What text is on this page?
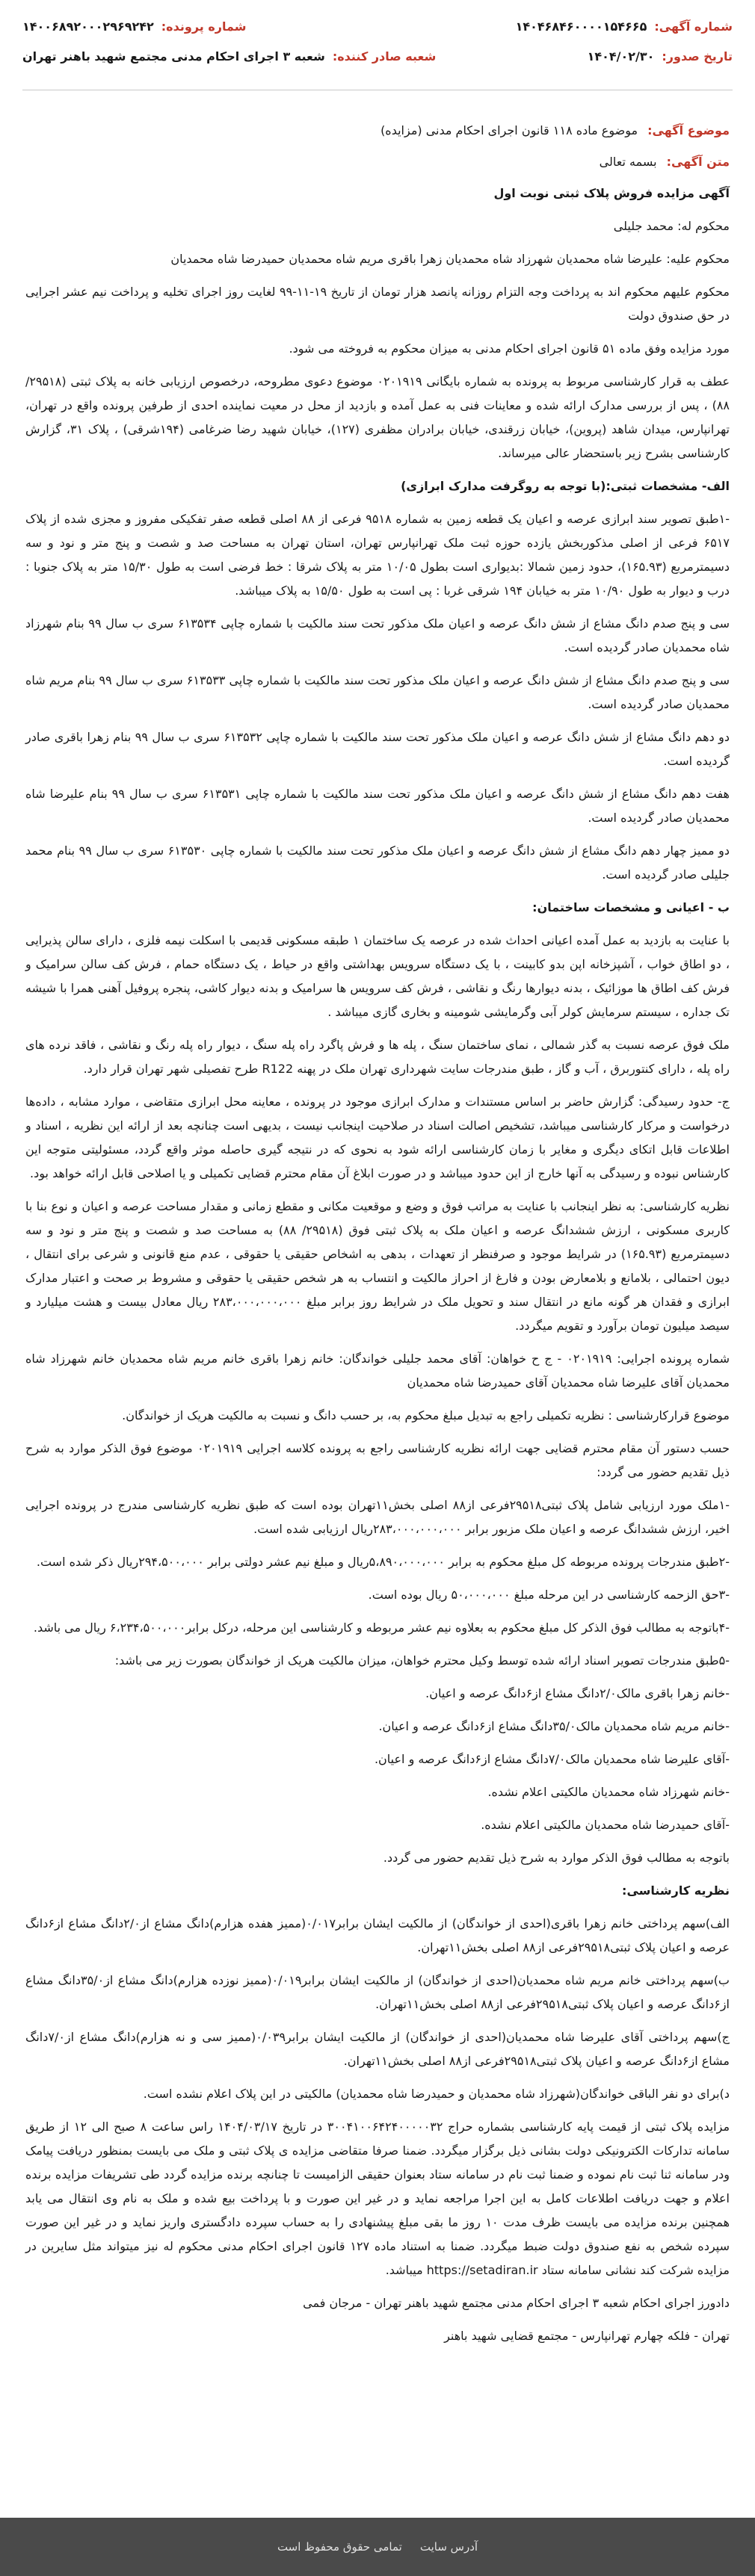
شماره آگهی:
۱۴۰۴۶۸۴۶۰۰۰۰۱۵۴۶۶۵
شماره پرونده:
۱۴۰۰۶۸۹۲۰۰۰۲۹۶۹۲۴۲
تاریخ صدور:
۱۴۰۴/۰۲/۳۰
شعبه صادر کننده:
شعبه ۳ اجرای احکام مدنی مجتمع شهید باهنر تهران
موضوع آگهی: موضوع ماده ۱۱۸ قانون اجرای احکام مدنی (مزایده)
متن آگهی: بسمه تعالی

آگهی مزایده فروش پلاک ثبتی نوبت اول

محکوم له: محمد جلیلی

محکوم علیه: علیرضا شاه محمدیان شهرزاد شاه محمدیان زهرا باقری مریم شاه محمدیان حمیدرضا شاه محمدیان

محکوم علیهم محکوم اند به پرداخت وجه التزام روزانه پانصد هزار تومان از تاریخ ۱۹-۱۱-۹۹ لغایت روز اجرای تخلیه و پرداخت نیم عشر اجرایی در حق صندوق دولت

مورد مزایده وفق ماده ۵۱ قانون اجرای احکام مدنی به میزان محکوم به فروخته می شود.

عطف به قرار کارشناسی مربوط به پرونده به شماره بایگانی ۰۲۰۱۹۱۹ موضوع دعوی مطروحه، درخصوص ارزیابی خانه به پلاک ثبتی (۲۹۵۱۸/ ۸۸) ، پس از بررسی مدارک ارائه شده و معاینات فنی به عمل آمده و بازدید از محل در معیت نماینده احدی از طرفین پرونده واقع در تهران، تهرانپارس، میدان شاهد (پروین)، خیابان زرقندی، خیابان برادران مظفری (۱۲۷)، خیابان شهید رضا ضرغامی (۱۹۴شرقی) ، پلاک ۳۱، گزارش کارشناسی بشرح زیر باستحضار عالی میرساند.

الف- مشخصات ثبتی:(با توجه به روگرفت مدارک ابرازی)

-۱طبق تصویر سند ابرازی عرصه و اعیان یک قطعه زمین به شماره ۹۵۱۸ فرعی از ۸۸ اصلی قطعه صفر تفکیکی مفروز و مجزی شده از پلاک ۶۵۱۷ فرعی از اصلی مذکوربخش یازده حوزه ثبت ملک تهرانپارس تهران، استان تهران به مساحت صد و شصت و پنج متر و نود و سه دسیمترمربع (۱۶۵.۹۳)، حدود زمین شمالا :بدیواری است بطول ۱۰/۰۵ متر به پلاک شرقا : خط فرضی است به طول ۱۵/۳۰ متر به پلاک جنوبا : درب و دیوار به طول ۱۰/۹۰ متر به خیابان ۱۹۴ شرقی غربا : پی است به طول ۱۵/۵۰ به پلاک میباشد.

سی و پنج صدم دانگ مشاع از شش دانگ عرصه و اعیان ملک مذکور تحت سند مالکیت با شماره چاپی ۶۱۳۵۳۴ سری ب سال ۹۹ بنام شهرزاد شاه محمدیان صادر گردیده است.

سی و پنج صدم دانگ مشاع از شش دانگ عرصه و اعیان ملک مذکور تحت سند مالکیت با شماره چاپی ۶۱۳۵۳۳ سری ب سال ۹۹ بنام مریم شاه محمدیان صادر گردیده است.

دو دهم دانگ مشاع از شش دانگ عرصه و اعیان ملک مذکور تحت سند مالکیت با شماره چاپی ۶۱۳۵۳۲ سری ب سال ۹۹ بنام زهرا باقری صادر گردیده است.

هفت دهم دانگ مشاع از شش دانگ عرصه و اعیان ملک مذکور تحت سند مالکیت با شماره چاپی ۶۱۳۵۳۱ سری ب سال ۹۹ بنام علیرضا شاه محمدیان صادر گردیده است.

دو ممیز چهار دهم دانگ مشاع از شش دانگ عرصه و اعیان ملک مذکور تحت سند مالکیت با شماره چاپی ۶۱۳۵۳۰ سری ب سال ۹۹ بنام محمد جلیلی صادر گردیده است.

ب - اعیانی و مشخصات ساختمان:

با عنایت به بازدید به عمل آمده اعیانی احداث شده در عرصه یک ساختمان ۱ طبقه مسکونی قدیمی با اسکلت نیمه فلزی ، دارای سالن پذیرایی ، دو اطاق خواب ، آشپزخانه اپن بدو کابینت ، با یک دستگاه سرویس بهداشتی واقع در حیاط ، یک دستگاه حمام ، فرش کف سالن سرامیک و فرش کف اطاق ها موزائیک ، بدنه دیوارها رنگ و نقاشی ، فرش کف سرویس ها سرامیک و بدنه دیوار کاشی، پنجره پروفیل آهنی همرا با شیشه تک جداره ، سیستم سرمایش کولر آبی وگرمایشی شومینه و بخاری گازی میباشد .

ملک فوق عرصه نسبت به گذر شمالی ، نمای ساختمان سنگ ، پله ها و فرش پاگرد راه پله سنگ ، دیوار راه پله رنگ و نقاشی ، فاقد نرده های راه پله ، دارای کنتوربرق ، آب و گاز ، طبق مندرجات سایت شهرداری تهران ملک در پهنه R122 طرح تفصیلی شهر تهران قرار دارد.

ج- حدود رسیدگی: گزارش حاضر بر اساس مستندات و مدارک ابرازی موجود در پرونده ، معاینه محل ابرازی متقاضی ، موارد مشابه ، داده‌ها درخواست و مرکار کارشناسی میباشد، تشخیص اصالت اسناد در صلاحیت اینجانب نیست ، بدیهی است چنانچه بعد از ارائه این نظریه ، اسناد و اطلاعات قابل اتکای دیگری و مغایر با زمان کارشناسی ارائه شود به نحوی که در نتیجه گیری حاصله موثر واقع گردد، مسئولیتی متوجه این کارشناس نبوده و رسیدگی به آنها خارج از این حدود میباشد و در صورت ابلاغ آن مقام محترم قضایی تکمیلی و یا اصلاحی قابل ارائه خواهد بود.

نظریه کارشناسی: به نظر اینجانب با عنایت به مراتب فوق و وضع و موقعیت مکانی و مقطع زمانی و مقدار مساحت عرصه و اعیان و نوع بنا با کاربری مسکونی ، ارزش ششدانگ عرصه و اعیان ملک به پلاک ثبتی فوق (۲۹۵۱۸/ ۸۸) به مساحت صد و شصت و پنج متر و نود و سه دسیمترمربع (۱۶۵.۹۳) در شرایط موجود و صرفنظر از تعهدات ، بدهی به اشخاص حقیقی یا حقوقی ، عدم منع قانونی و شرعی برای انتقال ، دیون احتمالی ، بلامانع و بلامعارض بودن و فارغ از احراز مالکیت و انتساب به هر شخص حقیقی یا حقوقی و مشروط بر صحت و اعتبار مدارک ابرازی و فقدان هر گونه مانع در انتقال سند و تحویل ملک در شرایط روز برابر مبلغ ۲۸۳،۰۰۰،۰۰۰،۰۰۰ ریال معادل بیست و هشت میلیارد و سیصد میلیون تومان برآورد و تقویم میگردد.

شماره پرونده اجرایی: ۰۲۰۱۹۱۹ - ج ح خواهان: آقای محمد جلیلی خواندگان: خانم زهرا باقری خانم مریم شاه محمدیان خانم شهرزاد شاه محمدیان آقای علیرضا شاه محمدیان آقای حمیدرضا شاه محمدیان

موضوع قرارکارشناسی : نظریه تکمیلی راجع به تبدیل مبلغ محکوم به، بر حسب دانگ و نسبت به مالکیت هریک از خواندگان.

حسب دستور آن مقام محترم قضایی جهت ارائه نظریه کارشناسی راجع به پرونده کلاسه اجرایی ۰۲۰۱۹۱۹ موضوع فوق الذکر موارد به شرح ذیل تقدیم حضور می گردد:

-۱ملک مورد ارزیابی شامل پلاک ثبتی۲۹۵۱۸فرعی از۸۸ اصلی بخش۱۱تهران بوده است که طبق نظریه کارشناسی مندرج در پرونده اجرایی اخیر، ارزش ششدانگ عرصه و اعیان ملک مزبور برابر ۲۸۳،۰۰۰،۰۰۰،۰۰۰ریال ارزیابی شده است.

-۲طبق مندرجات پرونده مربوطه کل مبلغ محکوم به برابر ۵،۸۹۰،۰۰۰،۰۰۰ریال و مبلغ نیم عشر دولتی برابر ۲۹۴،۵۰۰،۰۰۰ریال ذکر شده است.

-۳حق الزحمه کارشناسی در این مرحله مبلغ ۵۰،۰۰۰،۰۰۰ ریال بوده است.

-۴باتوجه به مطالب فوق الذکر کل مبلغ محکوم به بعلاوه نیم عشر مربوطه و کارشناسی این مرحله، درکل برابر۶،۲۳۴،۵۰۰،۰۰۰ ریال می باشد.

-۵طبق مندرجات تصویر اسناد ارائه شده توسط وکیل محترم خواهان، میزان مالکیت هریک از خواندگان بصورت زیر می باشد:

-خانم زهرا باقری مالک۲/۰دانگ مشاع از۶دانگ عرصه و اعیان.

-خانم مریم شاه محمدیان مالک۳۵/۰دانگ مشاع از۶دانگ عرصه و اعیان.

-آقای علیرضا شاه محمدیان مالک۷/۰دانگ مشاع از۶دانگ عرصه و اعیان.

-خانم شهرزاد شاه محمدیان مالکیتی اعلام نشده.

-آقای حمیدرضا شاه محمدیان مالکیتی اعلام نشده.

باتوجه به مطالب فوق الذکر موارد به شرح ذیل تقدیم حضور می گردد.

نظریه کارشناسی:

الف)سهم پرداختی خانم زهرا باقری(احدی از خواندگان) از مالکیت ایشان برابر۰/۰۱۷(ممیز هفده هزارم)دانگ مشاع از۲/۰دانگ مشاع از۶دانگ عرصه و اعیان پلاک ثبتی۲۹۵۱۸فرعی از۸۸ اصلی بخش۱۱تهران.

ب)سهم پرداختی خانم مریم شاه محمدیان(احدی از خواندگان) از مالکیت ایشان برابر۰/۰۱۹(ممیز نوزده هزارم)دانگ مشاع از۳۵/۰دانگ مشاع از۶دانگ عرصه و اعیان پلاک ثبتی۲۹۵۱۸فرعی از۸۸ اصلی بخش۱۱تهران.

ج)سهم پرداختی آقای علیرضا شاه محمدیان(احدی از خواندگان) از مالکیت ایشان برابر۰/۰۳۹(ممیز سی و نه هزارم)دانگ مشاع از۷/۰دانگ مشاع از۶دانگ عرصه و اعیان پلاک ثبتی۲۹۵۱۸فرعی از۸۸ اصلی بخش۱۱تهران.

د)برای دو نفر الباقی خواندگان(شهرزاد شاه محمدیان و حمیدرضا شاه محمدیان) مالکیتی در این پلاک اعلام نشده است.

مزایده پلاک ثبتی از قیمت پایه کارشناسی بشماره حراج ۳۰۰۴۱۰۰۶۴۲۴۰۰۰۰۰۳۲ در تاریخ ۱۴۰۴/۰۳/۱۷ راس ساعت ۸ صبح الی ۱۲ از طریق سامانه تدارکات الکترونیکی دولت بشانی ذیل برگزار میگردد. ضمنا صرفا متقاضی مزایده ی پلاک ثبتی و ملک می بایست بمنظور دریافت پیامک ودر سامانه ثنا ثبت نام نموده و ضمنا ثبت نام در سامانه ستاد بعنوان حقیقی الزامیست تا چنانچه برنده مزایده گردد طی تشریفات مزایده برنده اعلام و جهت دریافت اطلاعات کامل به این اجرا مراجعه نماید و در غیر این صورت و با پرداخت بیع شده و ملک به نام وی انتقال می یابد همچنین برنده مزایده می بایست ظرف مدت ۱۰ روز ما بقی مبلغ پیشنهادی را به حساب سپرده دادگستری واریز نماید و در غیر این صورت سپرده شخص به نفع صندوق دولت ضبط میگردد. ضمنا به استناد ماده ۱۲۷ قانون اجرای احکام مدنی محکوم له نیز میتواند مثل سایرین در مزایده شرکت کند نشانی سامانه ستاد https://setadiran.ir میباشد.

دادورز اجرای احکام شعبه ۳ اجرای احکام مدنی مجتمع شهید باهنر تهران - مرجان فمی

تهران - فلکه چهارم تهرانپارس - مجتمع قضایی شهید باهنر

آدرس سایت
تمامی حقوق محفوظ است
